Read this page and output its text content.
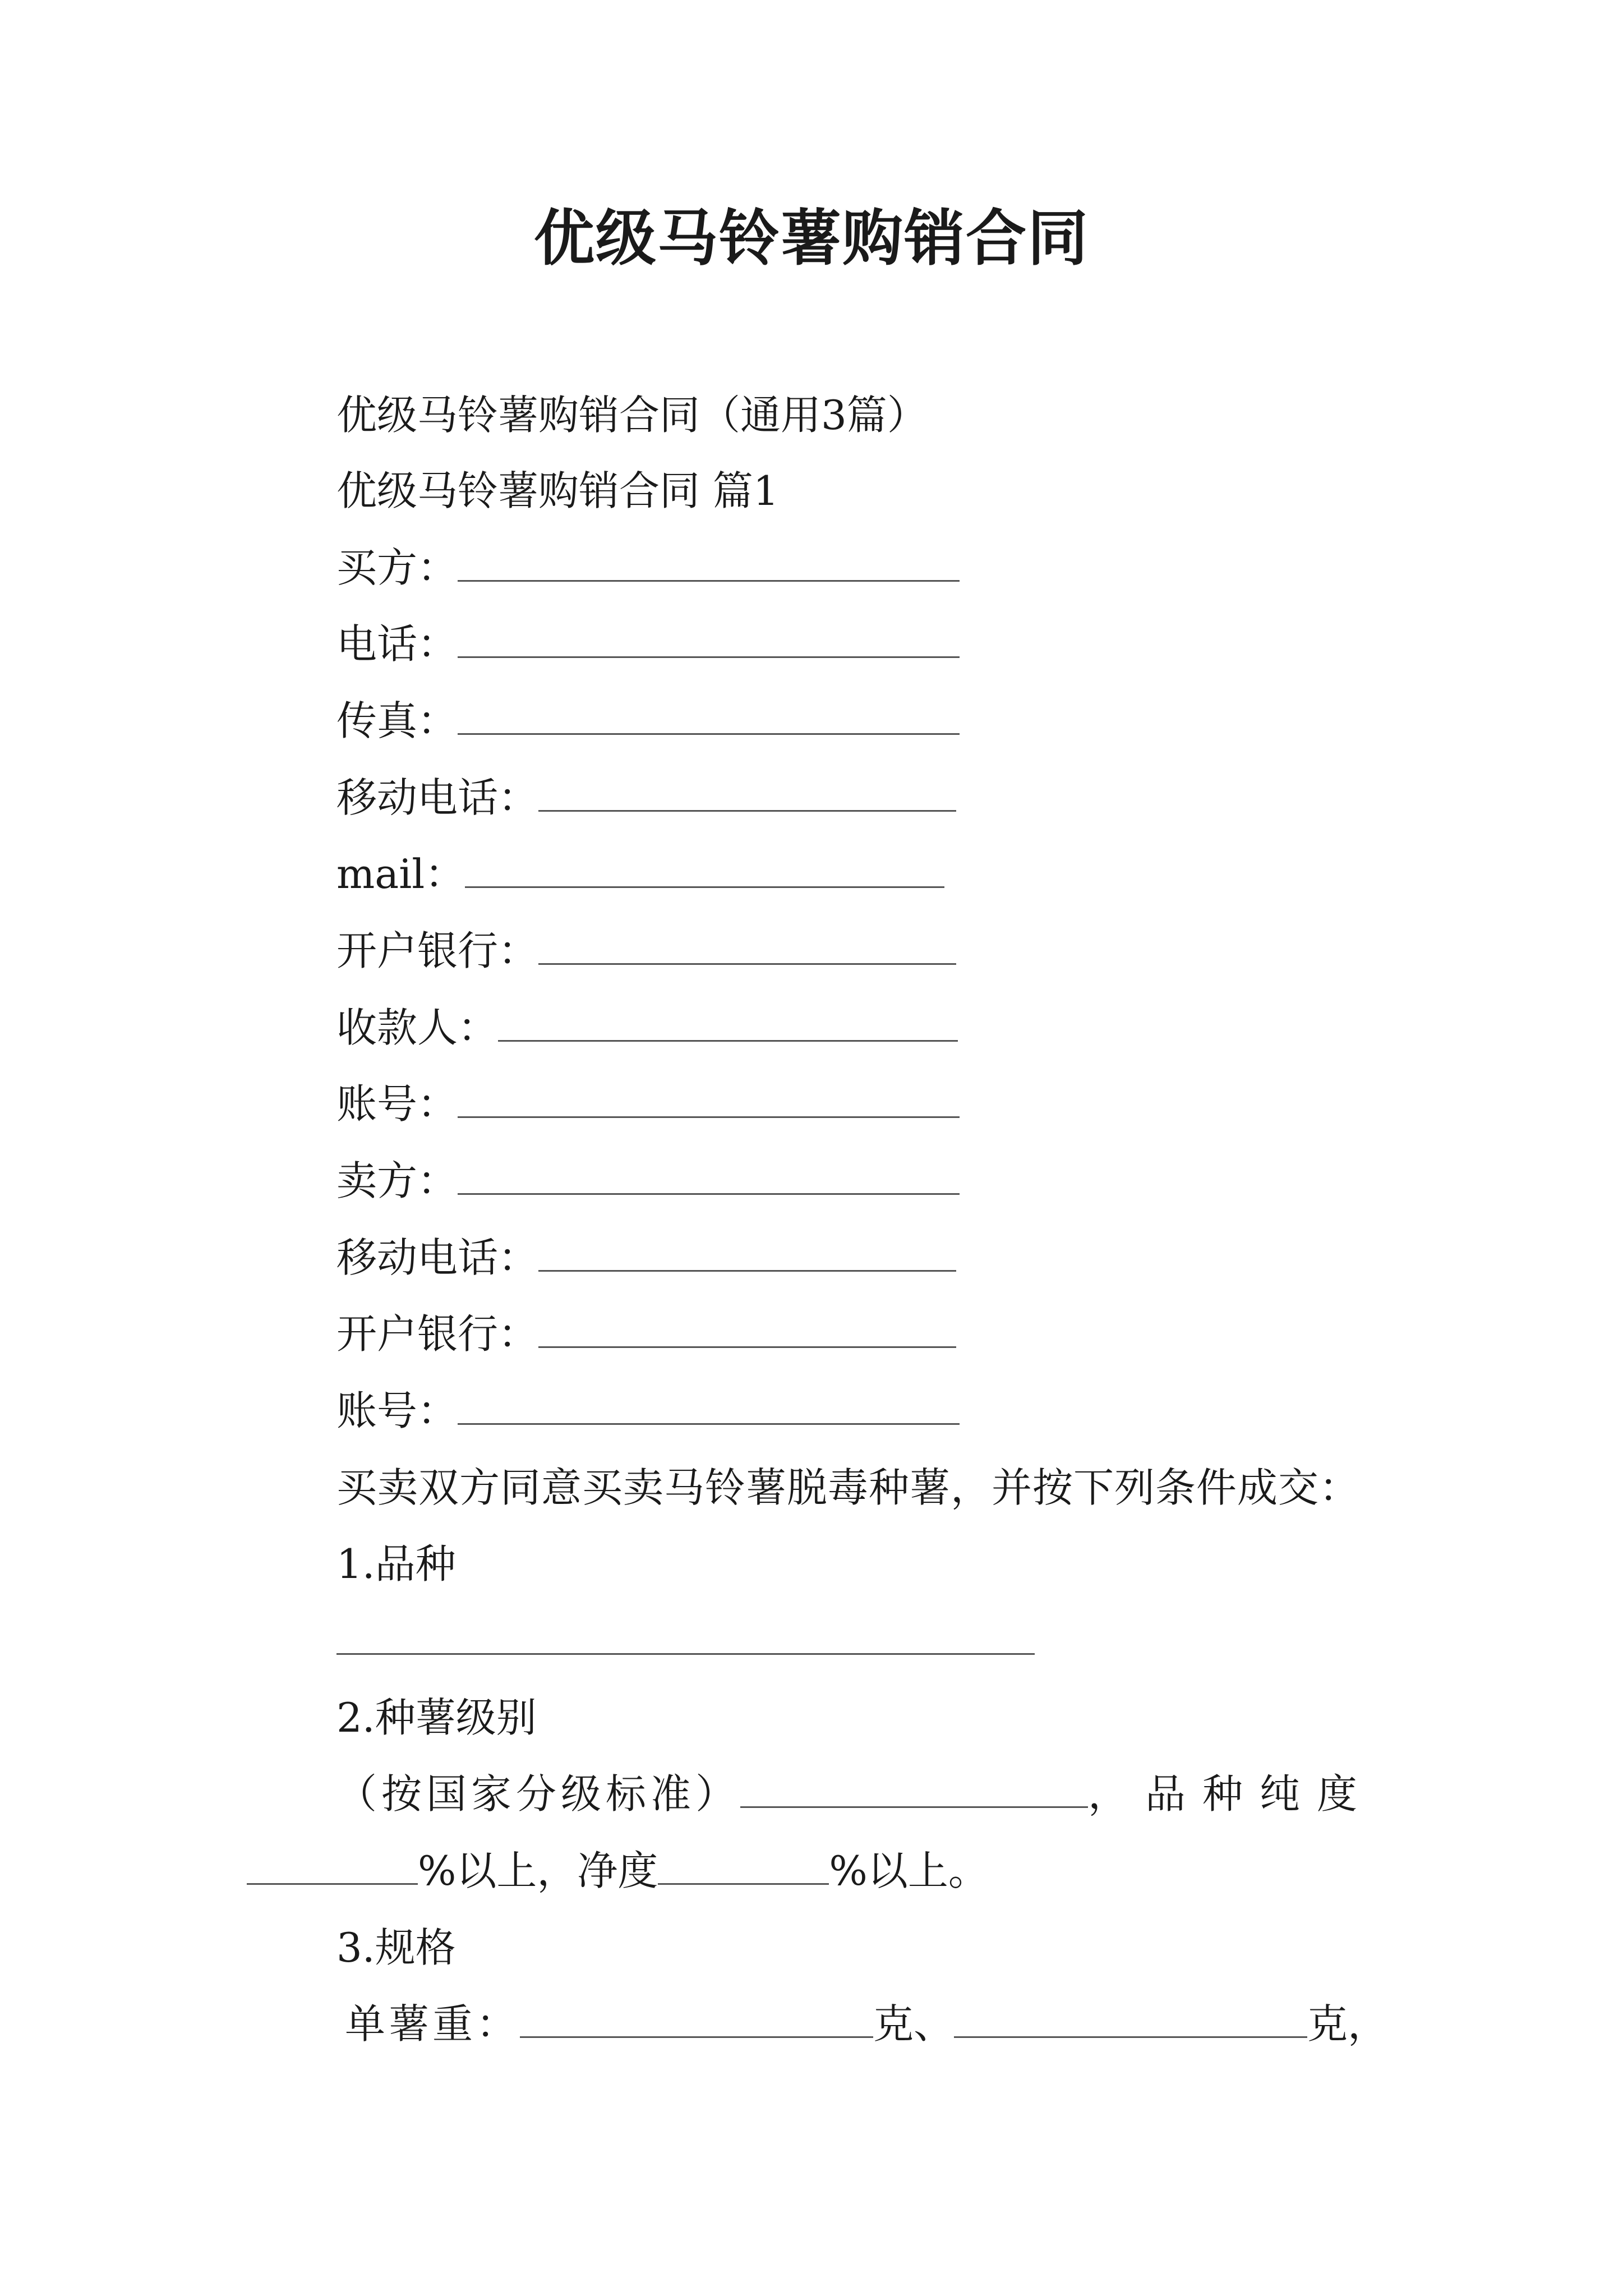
优级马铃薯购销合同
优级马铃薯购销合同（通用3篇）
优级马铃薯购销合同 篇1
买方：
电话：
传真：
移动电话：
mail：
开户银行：
收款人：
账号：
卖方：
移动电话：
开户银行：
账号：
买卖双方同意买卖马铃薯脱毒种薯，并按下列条件成交：
1.品种
2.种薯级别
（按国家分级标准）	，品种纯度
%以上，净度	%以上。
3.规格
单薯重：	克、	克，
